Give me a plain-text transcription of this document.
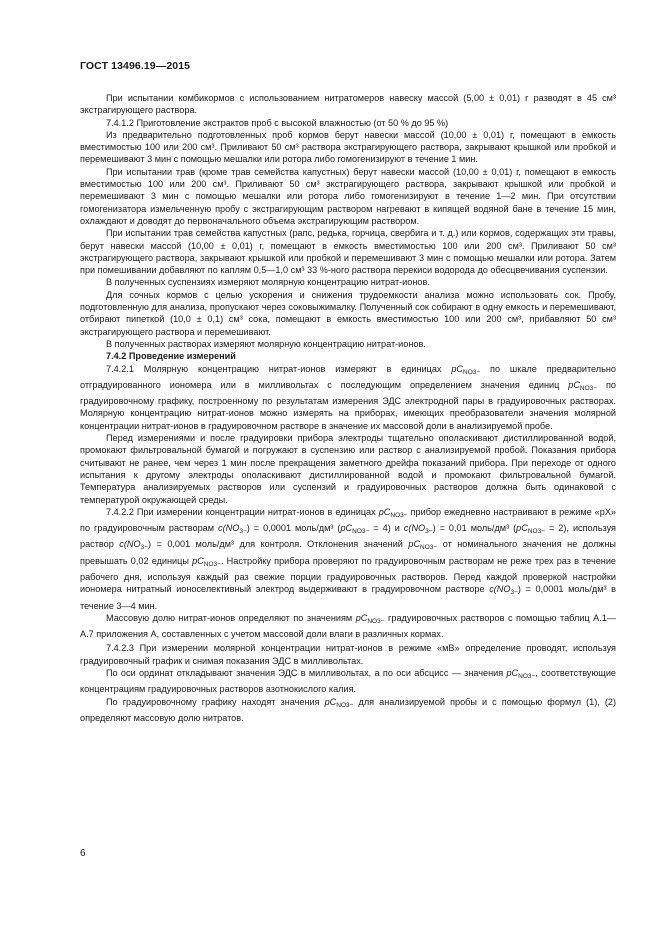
ГОСТ 13496.19—2015

При испытании комбикормов с использованием нитратомеров навеску массой (5,00 ± 0,01) г разводят в 45 см³ экстрагирующего раствора.

7.4.1.2 Приготовление экстрактов проб с высокой влажностью (от 50 % до 95 %)

Из предварительно подготовленных проб кормов берут навески массой (10,00 ± 0,01) г, помещают в емкость вместимостью 100 или 200 см³. Приливают 50 см³ раствора экстрагирующего раствора, закрывают крышкой или пробкой и перемешивают 3 мин с помощью мешалки или ротора либо гомогенизируют в течение 1 мин.

При испытании трав (кроме трав семейства капустных) берут навески массой (10,00 ± 0,01) г, помещают в емкость вместимостью 100 или 200 см³. Приливают 50 см³ экстрагирующего раствора, закрывают крышкой или пробкой и перемешивают 3 мин с помощью мешалки или ротора либо гомогенизируют в течение 1—2 мин. При отсутствии гомогенизатора измельченную пробу с экстрагирующим раствором нагревают в кипящей водяной бане в течение 15 мин, охлаждают и доводят до первоначального объема экстрагирующим раствором.

При испытании трав семейства капустных (рапс, редька, горчица, свербига и т. д.) или кормов, содержащих эти травы, берут навески массой (10,00 ± 0,01) г, помещают в емкость вместимостью 100 или 200 см³. Приливают 50 см³ экстрагирующего раствора, закрывают крышкой или пробкой и перемешивают 3 мин с помощью мешалки или ротора. Затем при помешивании добавляют по каплям 0,5—1,0 см³ 33 %-ного раствора перекиси водорода до обесцвечивания суспензии.

В полученных суспензиях измеряют молярную концентрацию нитрат-ионов.

Для сочных кормов с целью ускорения и снижения трудоемкости анализа можно использовать сок. Пробу, подготовленную для анализа, пропускают через соковыжималку. Полученный сок собирают в одну емкость и перемешивают, отбирают пипеткой (10,0 ± 0,1) см³ сока, помещают в емкость вместимостью 100 или 200 см³, прибавляют 50 см³ экстрагирующего раствора и перемешивают.

В полученных растворах измеряют молярную концентрацию нитрат-ионов.

7.4.2 Проведение измерений

7.4.2.1 Молярную концентрацию нитрат-ионов измеряют в единицах $pC_{NO3-}$ по шкале предварительно отградуированного иономера или в милливольтах с последующим определением значения единиц $pC_{NO3-}$ по градуировочному графику, построенному по результатам измерения ЭДС электродной пары в градуировочных растворах. Молярную концентрацию нитрат-ионов можно измерять на приборах, имеющих преобразователи значения молярной концентрации нитрат-ионов в градуировочном растворе в значение их массовой доли в анализируемой пробе.

Перед измерениями и после градуировки прибора электроды тщательно ополаскивают дистиллированной водой, промокают фильтровальной бумагой и погружают в суспензию или раствор с анализируемой пробой. Показания прибора считывают не ранее, чем через 1 мин после прекращения заметного дрейфа показаний прибора. При переходе от одного испытания к другому электроды ополаскивают дистиллированной водой и промокают фильтровальной бумагой. Температура анализируемых растворов или суспензий и градуировочных растворов должна быть одинаковой с температурой окружающей среды.

7.4.2.2 При измерении концентрации нитрат-ионов в единицах $pC_{NO3-}$ прибор ежедневно настраивают в режиме «pX» по градуировочным растворам $c(NO_{3-}) = 0,0001$ моль/дм³ $(pC_{NO3-} = 4)$ и $c(NO_{3-}) = 0,01$ моль/дм³ $(pC_{NO3-} = 2)$, используя раствор $c(NO_{3-}) = 0,001$ моль/дм³ для контроля. Отклонения значений $pC_{NO3-}$ от номинального значения не должны превышать 0,02 единицы $pC_{NO3-}$. Настройку прибора проверяют по градуировочным растворам не реже трех раз в течение рабочего дня, используя каждый раз свежие порции градуировочных растворов. Перед каждой проверкой настройки иономера нитратный ионоселективный электрод выдерживают в градуировочном растворе $c(NO_{3-}) = 0,0001$ моль/дм³ в течение 3—4 мин.

Массовую долю нитрат-ионов определяют по значениям $pC_{NO3-}$ градуировочных растворов с помощью таблиц А.1—А.7 приложения А, составленных с учетом массовой доли влаги в различных кормах.

7.4.2.3 При измерении молярной концентрации нитрат-ионов в режиме «мВ» определение проводят, используя градуировочный график и снимая показания ЭДС в милливольтах.

По оси ординат откладывают значения ЭДС в милливольтах, а по оси абсцисс — значения $pC_{NO3-}$, соответствующие концентрациям градуировочных растворов азотнокислого калия.

По градуировочному графику находят значения $pC_{NO3-}$ для анализируемой пробы и с помощью формул (1), (2) определяют массовую долю нитратов.

6
